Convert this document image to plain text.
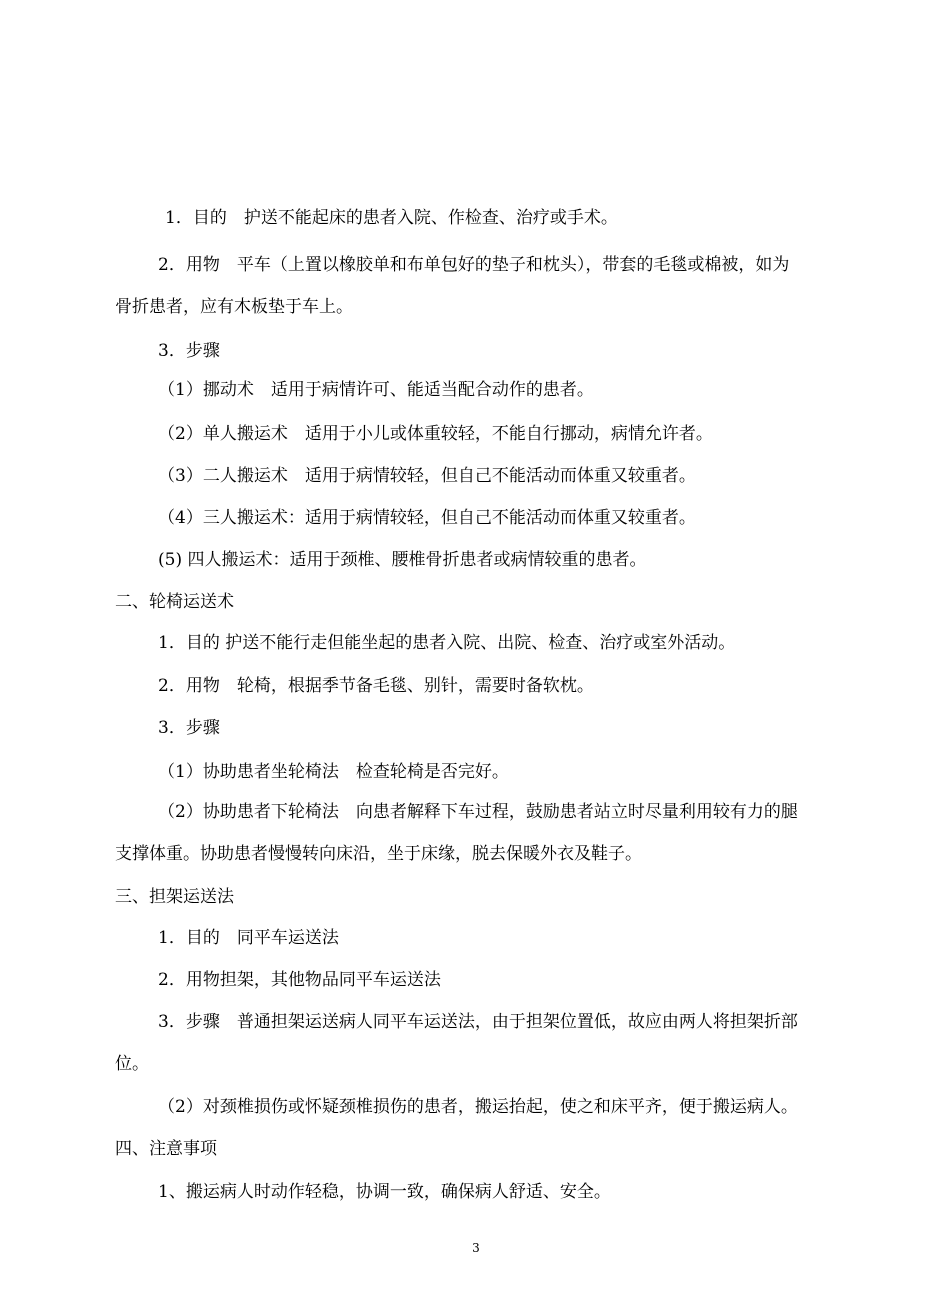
1．目的　护送不能起床的患者入院、作检查、治疗或手术。
2．用物　平车（上置以橡胶单和布单包好的垫子和枕头），带套的毛毯或棉被，如为
骨折患者，应有木板垫于车上。
3．步骤
（1）挪动术　适用于病情许可、能适当配合动作的患者。
（2）单人搬运术　适用于小儿或体重较轻，不能自行挪动，病情允许者。
（3）二人搬运术　适用于病情较轻，但自己不能活动而体重又较重者。
（4）三人搬运术：适用于病情较轻，但自己不能活动而体重又较重者。
(5) 四人搬运术：适用于颈椎、腰椎骨折患者或病情较重的患者。
二、轮椅运送术
1．目的 护送不能行走但能坐起的患者入院、出院、检查、治疗或室外活动。
2．用物　轮椅，根据季节备毛毯、别针，需要时备软枕。
3．步骤
（1）协助患者坐轮椅法　检查轮椅是否完好。
（2）协助患者下轮椅法　向患者解释下车过程，鼓励患者站立时尽量利用较有力的腿
支撑体重。协助患者慢慢转向床沿，坐于床缘，脱去保暖外衣及鞋子。
三、担架运送法
1．目的　同平车运送法
2．用物担架，其他物品同平车运送法
3．步骤　普通担架运送病人同平车运送法，由于担架位置低，故应由两人将担架折部
位。
（2）对颈椎损伤或怀疑颈椎损伤的患者，搬运抬起，使之和床平齐，便于搬运病人。
四、注意事项
1、搬运病人时动作轻稳，协调一致，确保病人舒适、安全。
3
